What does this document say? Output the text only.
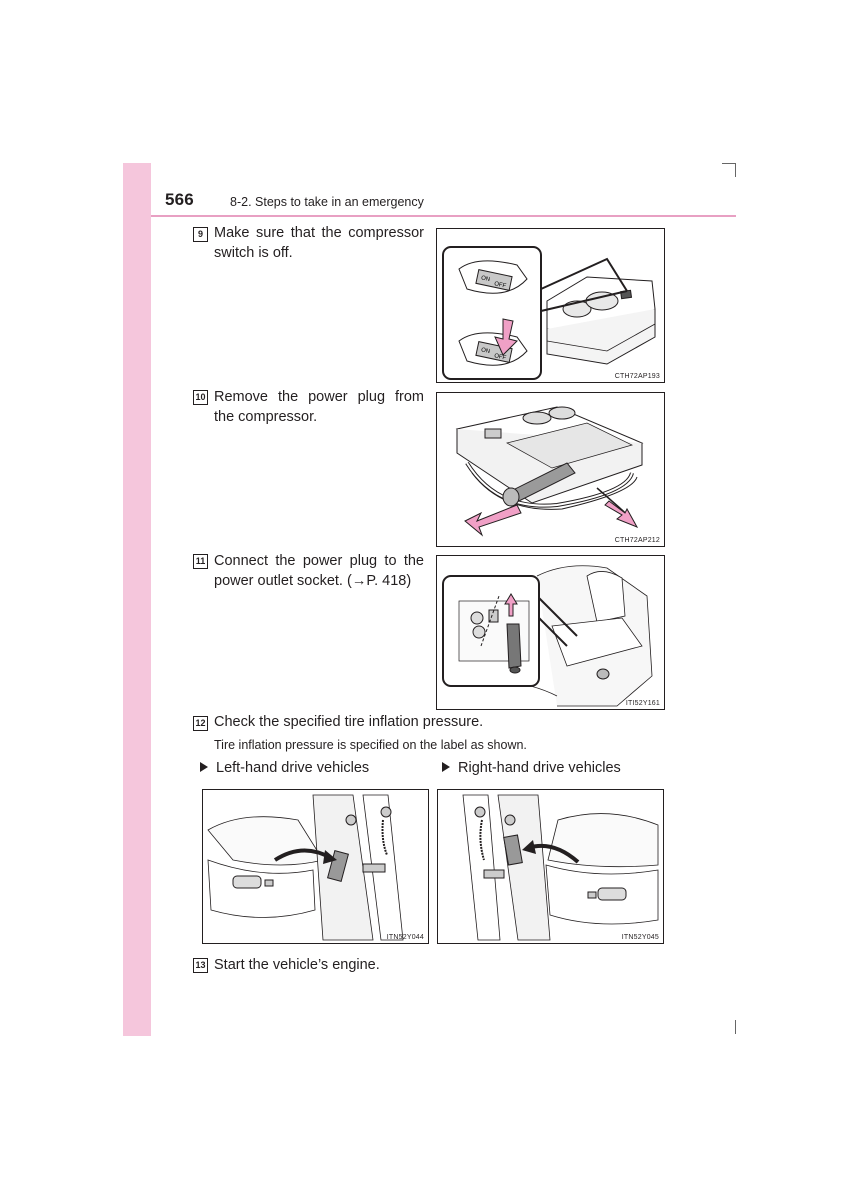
566	8-2. Steps to take in an emergency
9 Make sure that the compressor switch is off.
ON
OFF
ON
OFF
CTH72AP193
10 Remove the power plug from the compressor.
CTH72AP212
11 Connect the power plug to the power outlet socket. (→P. 418)
ITI52Y161
12 Check the specified tire inflation pressure.
Tire inflation pressure is specified on the label as shown.
Left-hand drive vehicles	Right-hand drive vehicles
ITN52Y044	ITN52Y045
13 Start the vehicle’s engine.
